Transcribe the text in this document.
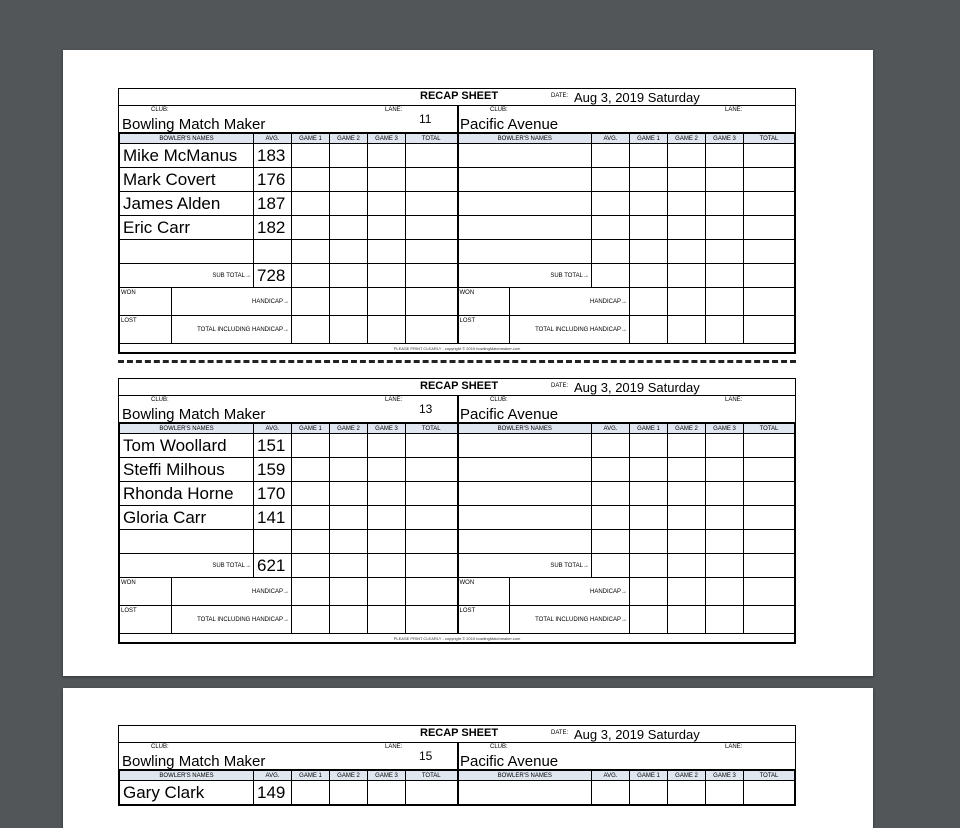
RECAP SHEET	DATE: Aug 3, 2019 Saturday
CLUB:
Bowling Match Maker
LANE:
11
CLUB:
Pacific Avenue
LANE:
BOWLER'S NAMES		AVG.	GAME 1	GAME 2	GAME 3	TOTAL	BOWLER'S NAMES		AVG.	GAME 1	GAME 2	GAME 3	TOTAL
Mike McManus		183											
Mark Covert		176											
James Alden		187											
Eric Carr		182											

SUB TOTAL→		728					SUB TOTAL→						
WON	HANDICAP→						WON	HANDICAP→					
LOST	TOTAL INCLUDING HANDICAP→						LOST	TOTAL INCLUDING HANDICAP→					
PLEASE PRINT CLEARLY - copyright © 2019 bowlingMatchmaker.com													
RECAP SHEET	DATE: Aug 3, 2019 Saturday
CLUB:
Bowling Match Maker
LANE:
13
CLUB:
Pacific Avenue
LANE:
BOWLER'S NAMES		AVG.	GAME 1	GAME 2	GAME 3	TOTAL	BOWLER'S NAMES		AVG.	GAME 1	GAME 2	GAME 3	TOTAL
Tom Woollard		151											
Steffi Milhous		159											
Rhonda Horne		170											
Gloria Carr		141											

SUB TOTAL→		621					SUB TOTAL→						
WON	HANDICAP→						WON	HANDICAP→					
LOST	TOTAL INCLUDING HANDICAP→						LOST	TOTAL INCLUDING HANDICAP→					
PLEASE PRINT CLEARLY - copyright © 2019 bowlingMatchmaker.com													
RECAP SHEET	DATE: Aug 3, 2019 Saturday
CLUB:
Bowling Match Maker
LANE:
15
CLUB:
Pacific Avenue
LANE:
BOWLER'S NAMES	AVG.	GAME 1	GAME 2	GAME 3	TOTAL	BOWLER'S NAMES	AVG.	GAME 1	GAME 2	GAME 3	TOTAL
Gary Clark	149										
